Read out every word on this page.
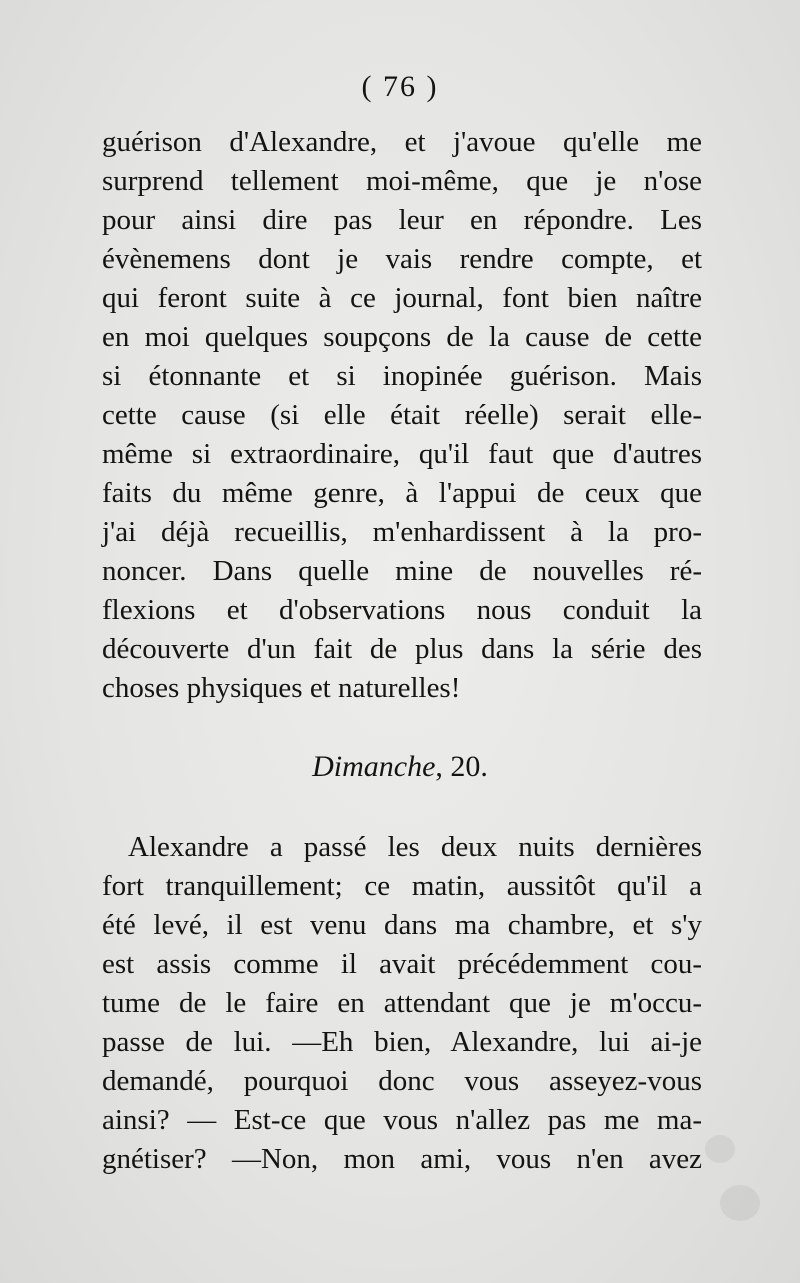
( 76 )
guérison d'Alexandre, et j'avoue qu'elle me
surprend tellement moi-même, que je n'ose
pour ainsi dire pas leur en répondre. Les
évènemens dont je vais rendre compte, et
qui feront suite à ce journal, font bien naître
en moi quelques soupçons de la cause de cette
si étonnante et si inopinée guérison. Mais
cette cause (si elle était réelle) serait elle-
même si extraordinaire, qu'il faut que d'autres
faits du même genre, à l'appui de ceux que
j'ai déjà recueillis, m'enhardissent à la pro-
noncer. Dans quelle mine de nouvelles ré-
flexions et d'observations nous conduit la
découverte d'un fait de plus dans la série des
choses physiques et naturelles!
Dimanche, 20.
Alexandre a passé les deux nuits dernières
fort tranquillement; ce matin, aussitôt qu'il a
été levé, il est venu dans ma chambre, et s'y
est assis comme il avait précédemment cou-
tume de le faire en attendant que je m'occu-
passe de lui. —Eh bien, Alexandre, lui ai-je
demandé, pourquoi donc vous asseyez-vous
ainsi? — Est-ce que vous n'allez pas me ma-
gnétiser? —Non, mon ami, vous n'en avez
